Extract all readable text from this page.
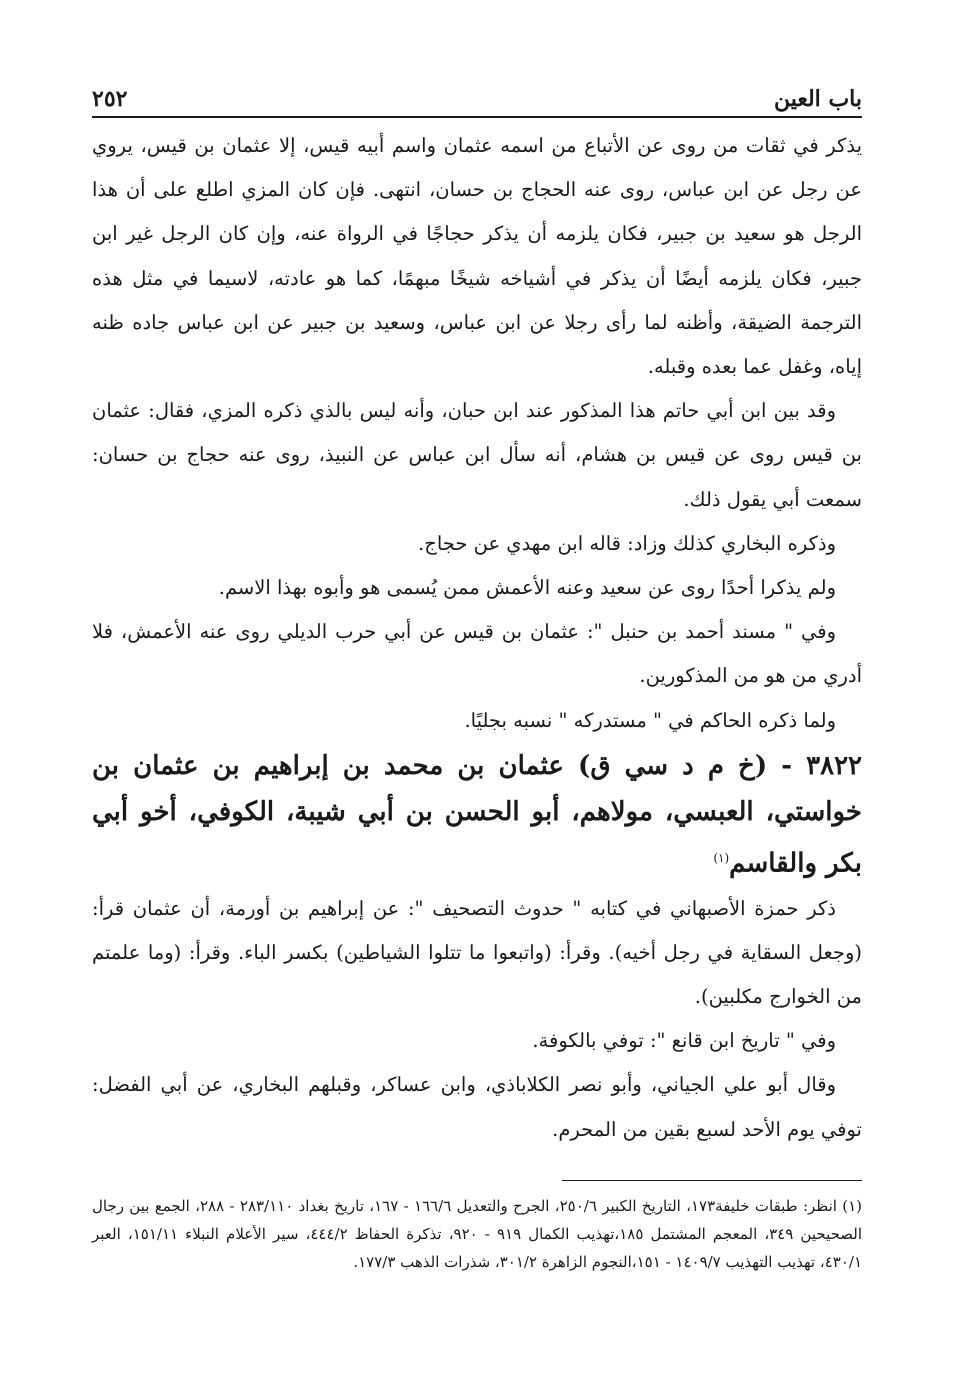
٢٥٢	باب العين

يذكر في ثقات من روى عن الأتباع من اسمه عثمان واسم أبيه قيس، إلا عثمان بن قيس، يروي عن رجل عن ابن عباس، روى عنه الحجاج بن حسان، انتهى. فإن كان المزي اطلع على أن هذا الرجل هو سعيد بن جبير، فكان يلزمه أن يذكر حجاجًا في الرواة عنه، وإن كان الرجل غير ابن جبير، فكان يلزمه أيضًا أن يذكر في أشياخه شيخًا مبهمًا، كما هو عادته، لاسيما في مثل هذه الترجمة الضيقة، وأظنه لما رأى رجلا عن ابن عباس، وسعيد بن جبير عن ابن عباس جاده ظنه إياه، وغفل عما بعده وقبله.

وقد بين ابن أبي حاتم هذا المذكور عند ابن حبان، وأنه ليس بالذي ذكره المزي، فقال: عثمان بن قيس روى عن قيس بن هشام، أنه سأل ابن عباس عن النبيذ، روى عنه حجاج بن حسان: سمعت أبي يقول ذلك.

وذكره البخاري كذلك وزاد: قاله ابن مهدي عن حجاج.

ولم يذكرا أحدًا روى عن سعيد وعنه الأعمش ممن يُسمى هو وأبوه بهذا الاسم.

وفي " مسند أحمد بن حنبل ": عثمان بن قيس عن أبي حرب الديلي روى عنه الأعمش، فلا أدري من هو من المذكورين.

ولما ذكره الحاكم في " مستدركه " نسبه بجليًا.

٣٨٢٢ - (خ م د سي ق) عثمان بن محمد بن إبراهيم بن عثمان بن خواستي، العبسي، مولاهم، أبو الحسن بن أبي شيبة، الكوفي، أخو أبي بكر والقاسم$^{(١)}$

ذكر حمزة الأصبهاني في كتابه " حدوث التصحيف ": عن إبراهيم بن أورمة، أن عثمان قرأ: (وجعل السقاية في رجل أخيه). وقرأ: (واتبعوا ما تتلوا الشياطين) بكسر الباء. وقرأ: (وما علمتم من الخوارج مكلبين).

وفي " تاريخ ابن قانع ": توفي بالكوفة.

وقال أبو علي الجياني، وأبو نصر الكلاباذي، وابن عساكر، وقبلهم البخاري، عن أبي الفضل: توفي يوم الأحد لسبع بقين من المحرم.

(١) انظر: طبقات خليفة١٧٣، التاريخ الكبير ٢٥٠/٦، الجرح والتعديل ١٦٦/٦ - ١٦٧، تاريخ بغداد ٢٨٣/١١٠ - ٢٨٨، الجمع بين رجال الصحيحين ٣٤٩، المعجم المشتمل ١٨٥،تهذيب الكمال ٩١٩ - ٩٢٠، تذكرة الحفاظ ٤٤٤/٢، سير الأعلام النبلاء ١٥١/١١، العبر ٤٣٠/١، تهذيب التهذيب ١٤٠٩/٧ - ١٥١،النجوم الزاهرة ٣٠١/٢، شذرات الذهب ١٧٧/٣.
